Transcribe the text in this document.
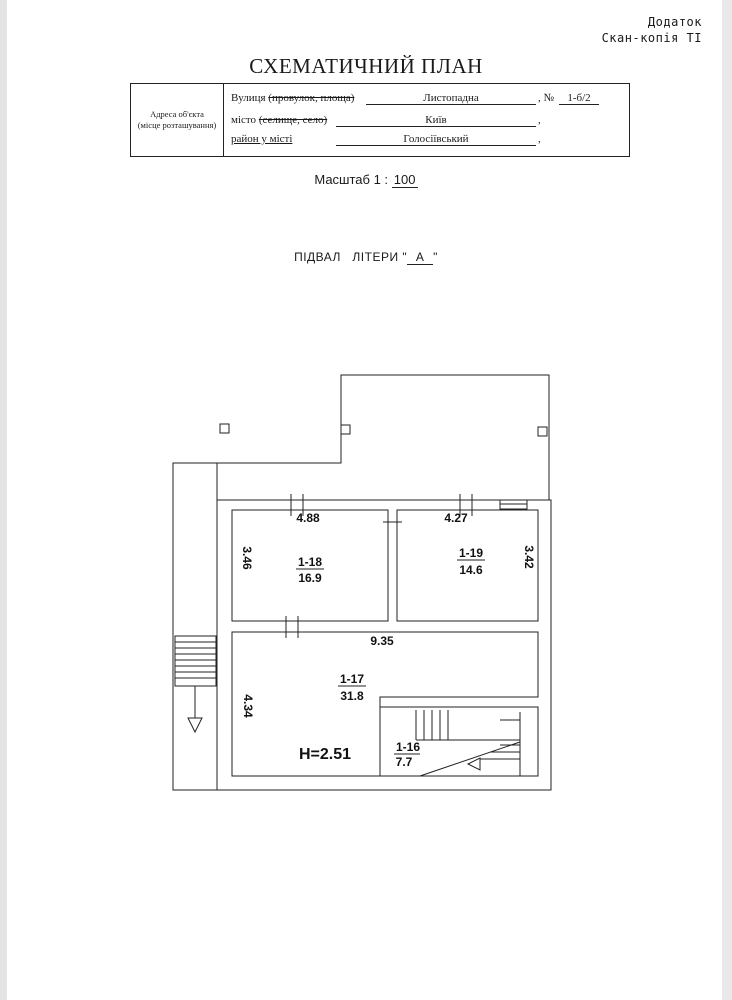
Додаток
Скан-копія ТІ
СХЕМАТИЧНИЙ ПЛАН
Адреса об'єкта
(місце розташування)
Вулиця (провулок, площа)	Листопадна	, №	1-б/2
місто (селище, село)	Київ	,
район у місті	Голосіївський	,
Масштаб 1 : 100
ПІДВАЛ   ЛІТЕРИ " А "
4.88	4.27
3.46	3.42
4.34
1-18
16.9
1-19
14.6
9.35
1-17
31.8
Н=2.51	1-16
7.7
